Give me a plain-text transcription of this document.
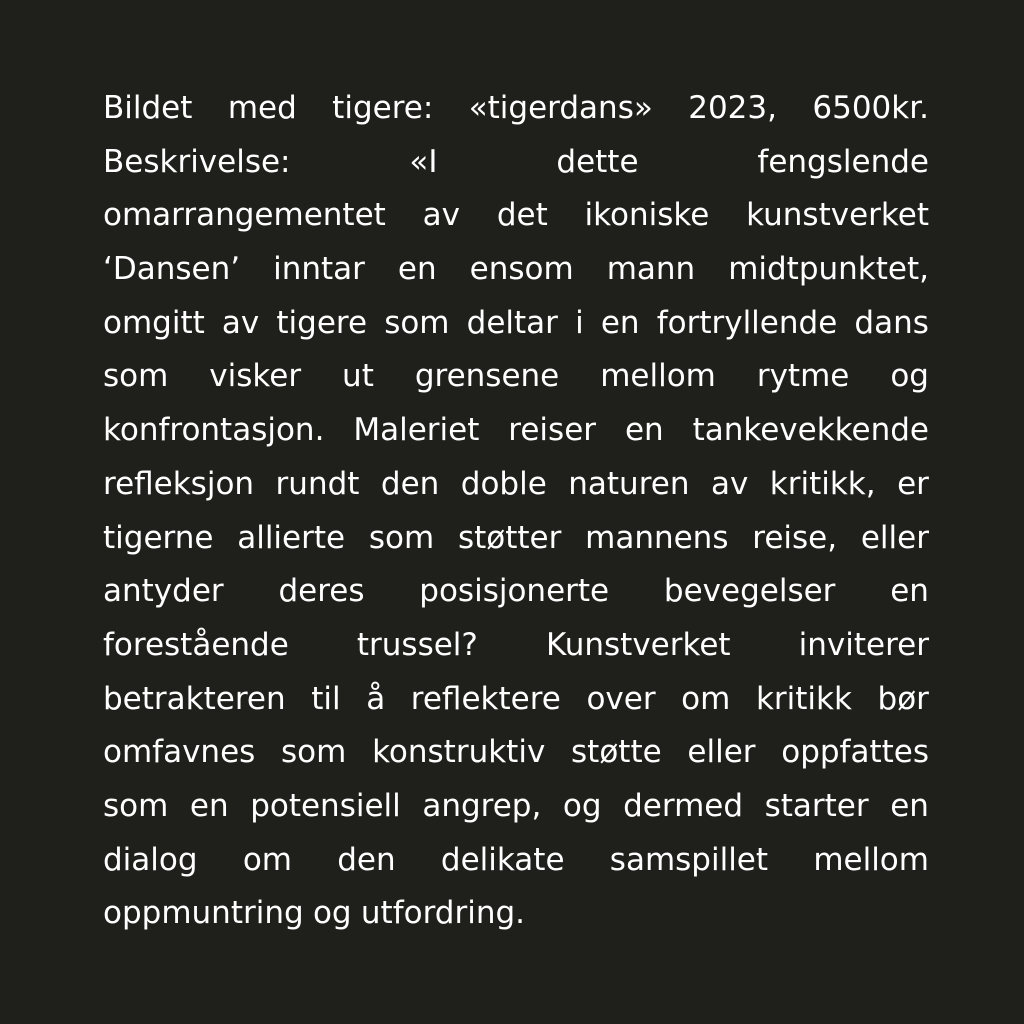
Bildet med tigere: «tigerdans» 2023, 6500kr.
Beskrivelse:	«I	dette	fengslende
omarrangementet av det ikoniske kunstverket
‘Dansen’ inntar en ensom mann midtpunktet,
omgitt av tigere som deltar i en fortryllende dans
som visker ut grensene mellom rytme og
konfrontasjon. Maleriet reiser en tankevekkende
refleksjon rundt den doble naturen av kritikk, er
tigerne allierte som støtter mannens reise, eller
antyder deres posisjonerte bevegelser en
forestående trussel? Kunstverket inviterer
betrakteren til å reflektere over om kritikk bør
omfavnes som konstruktiv støtte eller oppfattes
som en potensiell angrep, og dermed starter en
dialog om den delikate samspillet mellom
oppmuntring og utfordring.
